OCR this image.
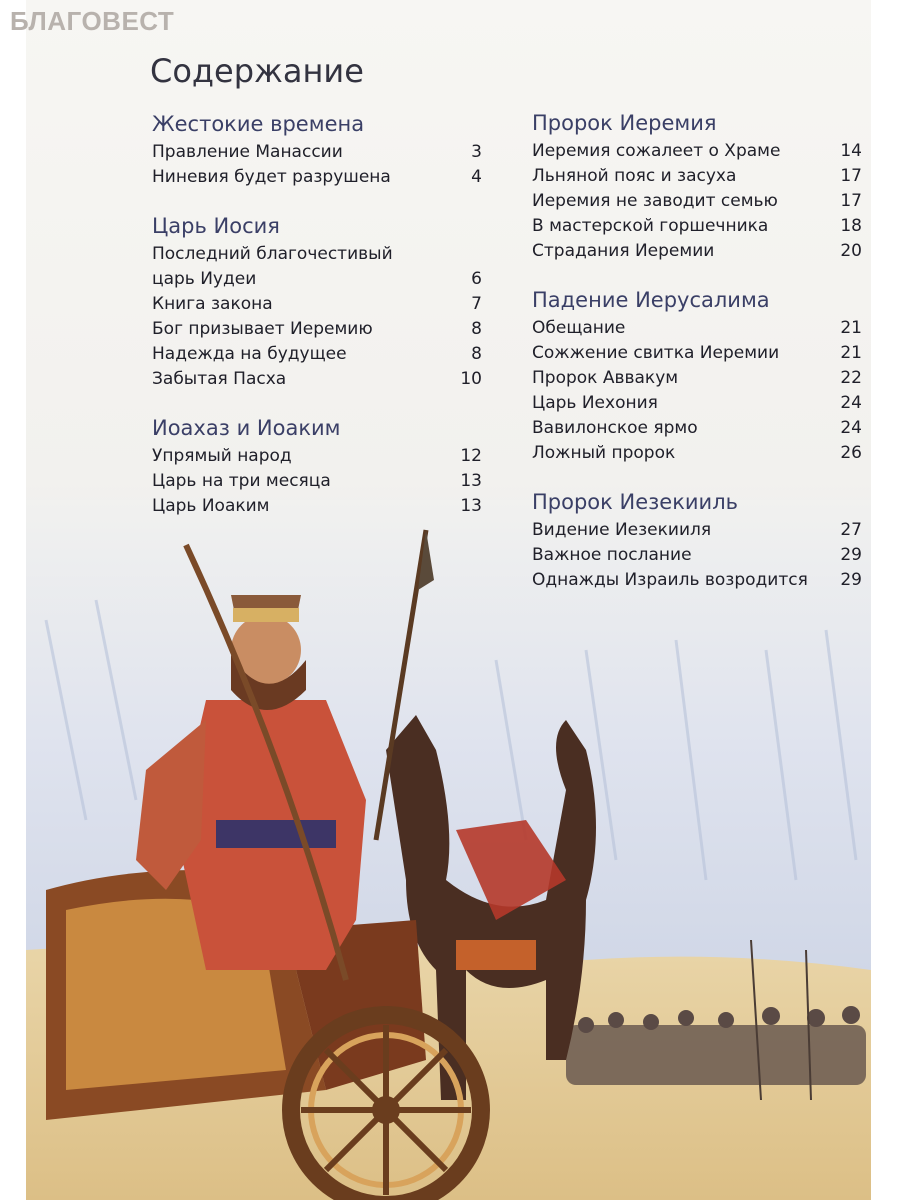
БЛАГОВЕСТ
Содержание
Жестокие времена
Правление Манассии	3
Ниневия будет разрушена	4
Царь Иосия
Последний благочестивый царь Иудеи	6
Книга закона	7
Бог призывает Иеремию	8
Надежда на будущее	8
Забытая Пасха	10
Иоахаз и Иоаким
Упрямый народ	12
Царь на три месяца	13
Царь Иоаким	13
Пророк Иеремия
Иеремия сожалеет о Храме	14
Льняной пояс и засуха	17
Иеремия не заводит семью	17
В мастерской горшечника	18
Страдания Иеремии	20
Падение Иерусалима
Обещание	21
Сожжение свитка Иеремии	21
Пророк Аввакум	22
Царь Иехония	24
Вавилонское ярмо	24
Ложный пророк	26
Пророк Иезекииль
Видение Иезекииля	27
Важное послание	29
Однажды Израиль возродится 29
